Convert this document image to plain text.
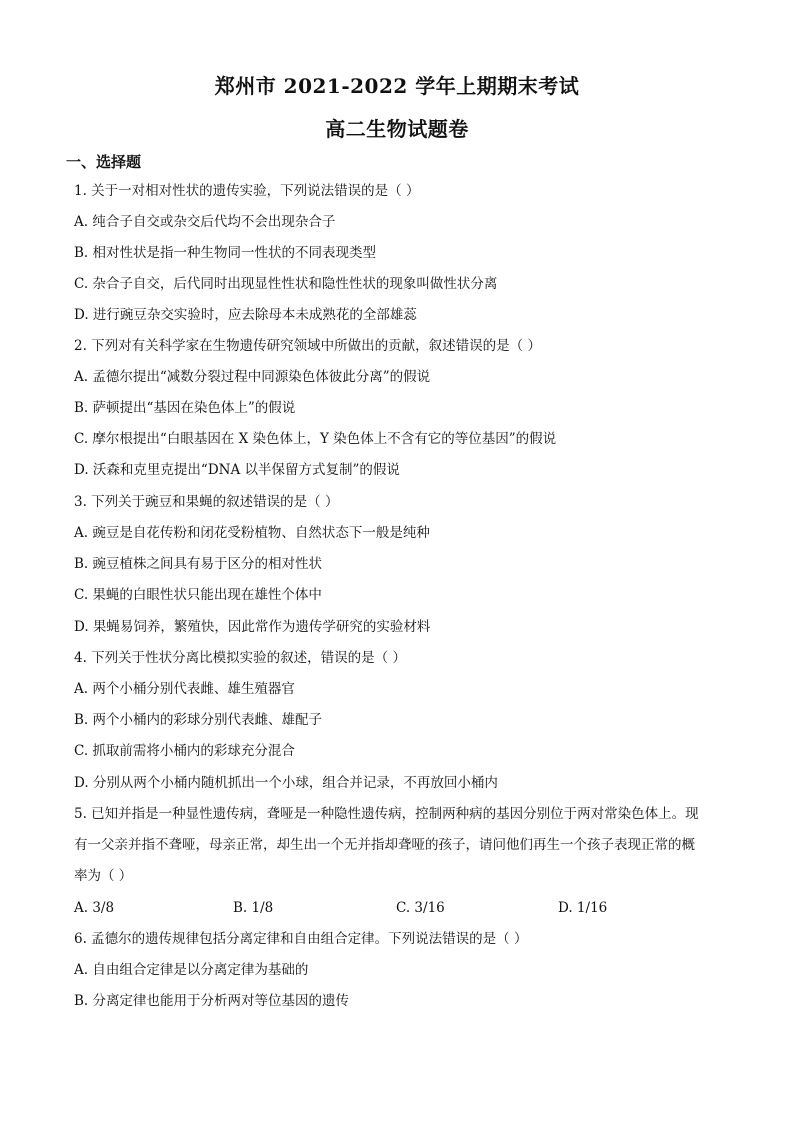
郑州市 2021-2022 学年上期期末考试
高二生物试题卷
一、选择题
1. 关于一对相对性状的遗传实验，下列说法错误的是（ ）
A. 纯合子自交或杂交后代均不会出现杂合子
B. 相对性状是指一种生物同一性状的不同表现类型
C. 杂合子自交，后代同时出现显性性状和隐性性状的现象叫做性状分离
D. 进行豌豆杂交实验时，应去除母本未成熟花的全部雄蕊
2. 下列对有关科学家在生物遗传研究领域中所做出的贡献，叙述错误的是（ ）
A. 孟德尔提出“减数分裂过程中同源染色体彼此分离”的假说
B. 萨顿提出“基因在染色体上”的假说
C. 摩尔根提出“白眼基因在 X 染色体上，Y 染色体上不含有它的等位基因”的假说
D. 沃森和克里克提出“DNA 以半保留方式复制”的假说
3. 下列关于豌豆和果蝇的叙述错误的是（ ）
A. 豌豆是自花传粉和闭花受粉植物、自然状态下一般是纯种
B. 豌豆植株之间具有易于区分的相对性状
C. 果蝇的白眼性状只能出现在雄性个体中
D. 果蝇易饲养，繁殖快，因此常作为遗传学研究的实验材料
4. 下列关于性状分离比模拟实验的叙述，错误的是（ ）
A. 两个小桶分别代表雌、雄生殖器官
B. 两个小桶内的彩球分别代表雌、雄配子
C. 抓取前需将小桶内的彩球充分混合
D. 分别从两个小桶内随机抓出一个小球，组合并记录，不再放回小桶内
5. 已知并指是一种显性遗传病，聋哑是一种隐性遗传病，控制两种病的基因分别位于两对常染色体上。现
有一父亲并指不聋哑，母亲正常，却生出一个无并指却聋哑的孩子，请问他们再生一个孩子表现正常的概
率为（ ）
A. 3/8	B. 1/8	C. 3/16	D. 1/16
6. 孟德尔的遗传规律包括分离定律和自由组合定律。下列说法错误的是（ ）
A. 自由组合定律是以分离定律为基础的
B. 分离定律也能用于分析两对等位基因的遗传
